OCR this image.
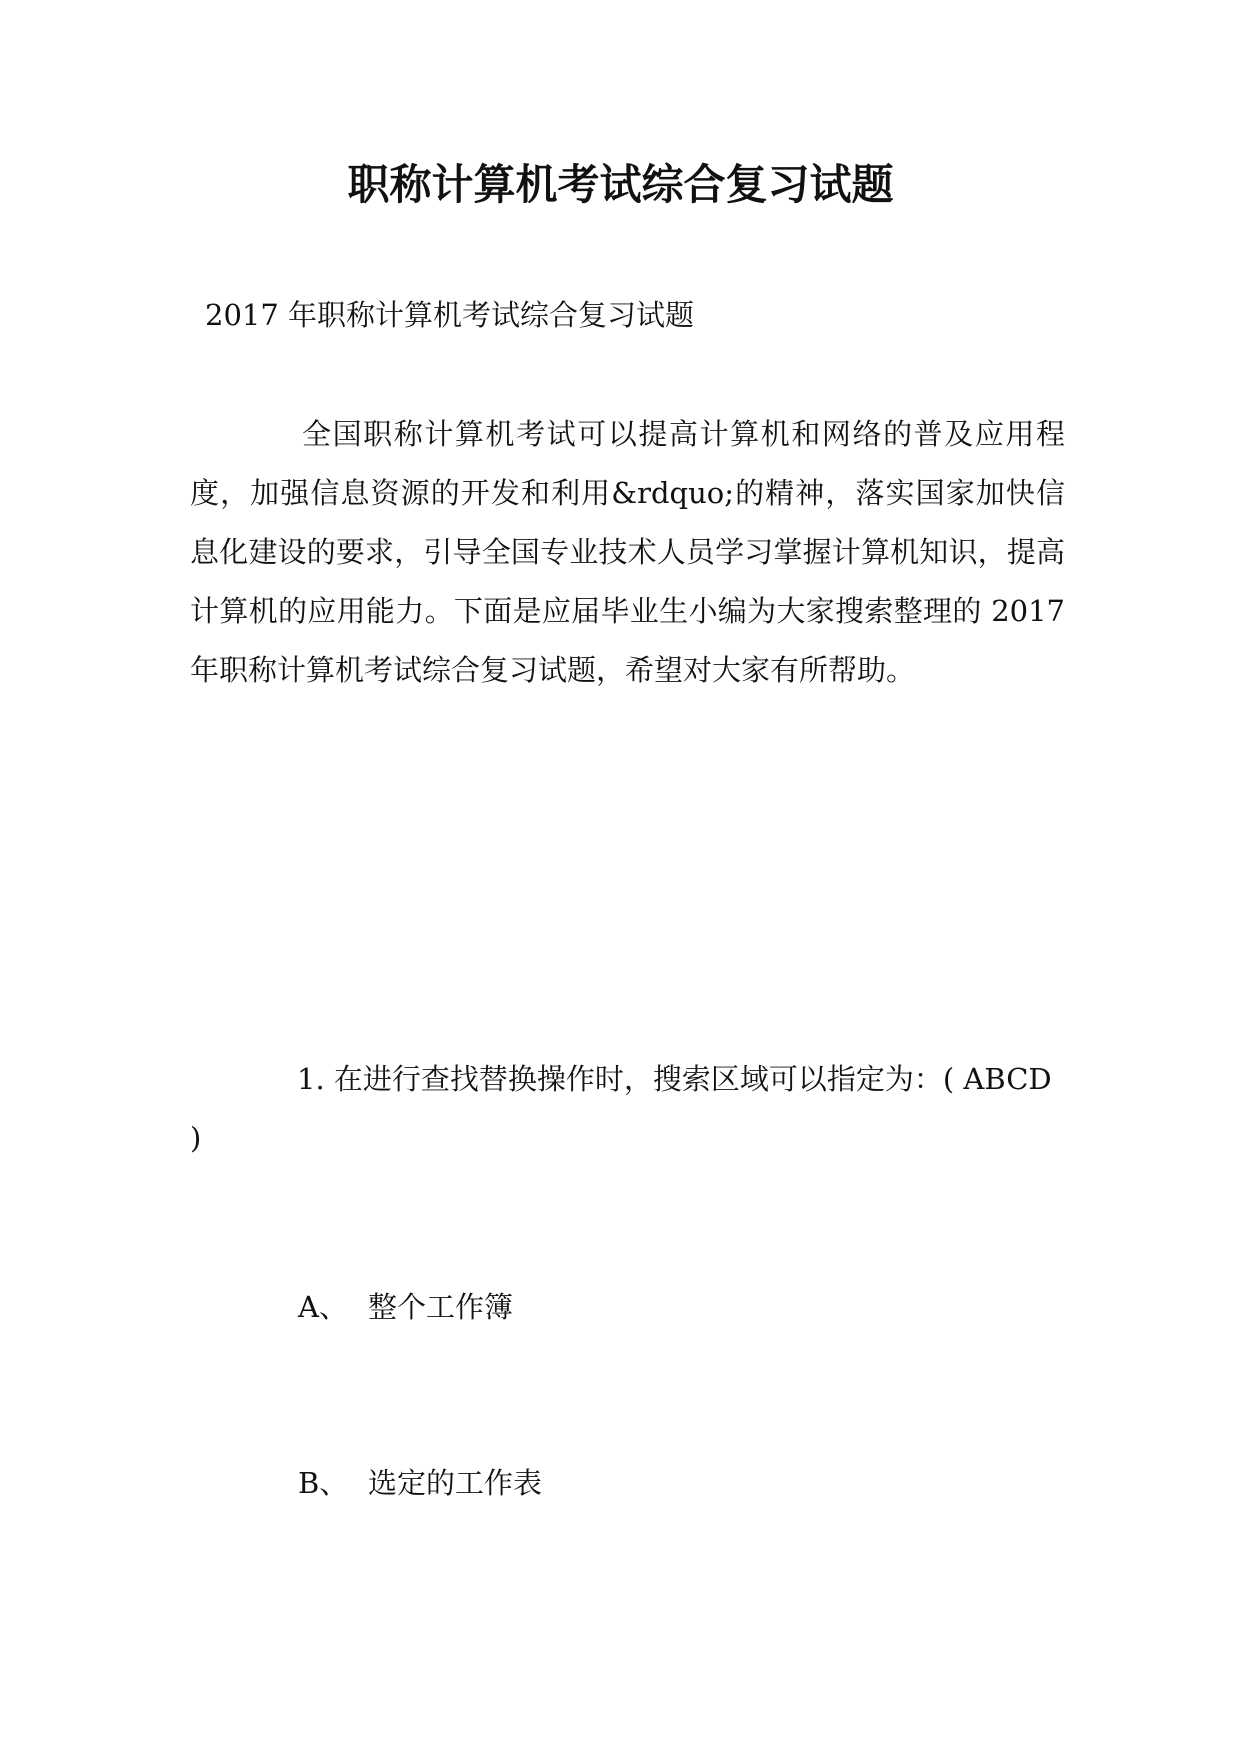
职称计算机考试综合复习试题
2017 年职称计算机考试综合复习试题

全国职称计算机考试可以提高计算机和网络的普及应用程度，加强信息资源的开发和利用&rdquo;的精神，落实国家加快信息化建设的要求，引导全国专业技术人员学习掌握计算机知识，提高计算机的应用能力。下面是应届毕业生小编为大家搜索整理的 2017 年职称计算机考试综合复习试题，希望对大家有所帮助。

1. 在进行查找替换操作时，搜索区域可以指定为：( ABCD )

A、 整个工作簿
B、 选定的工作表
